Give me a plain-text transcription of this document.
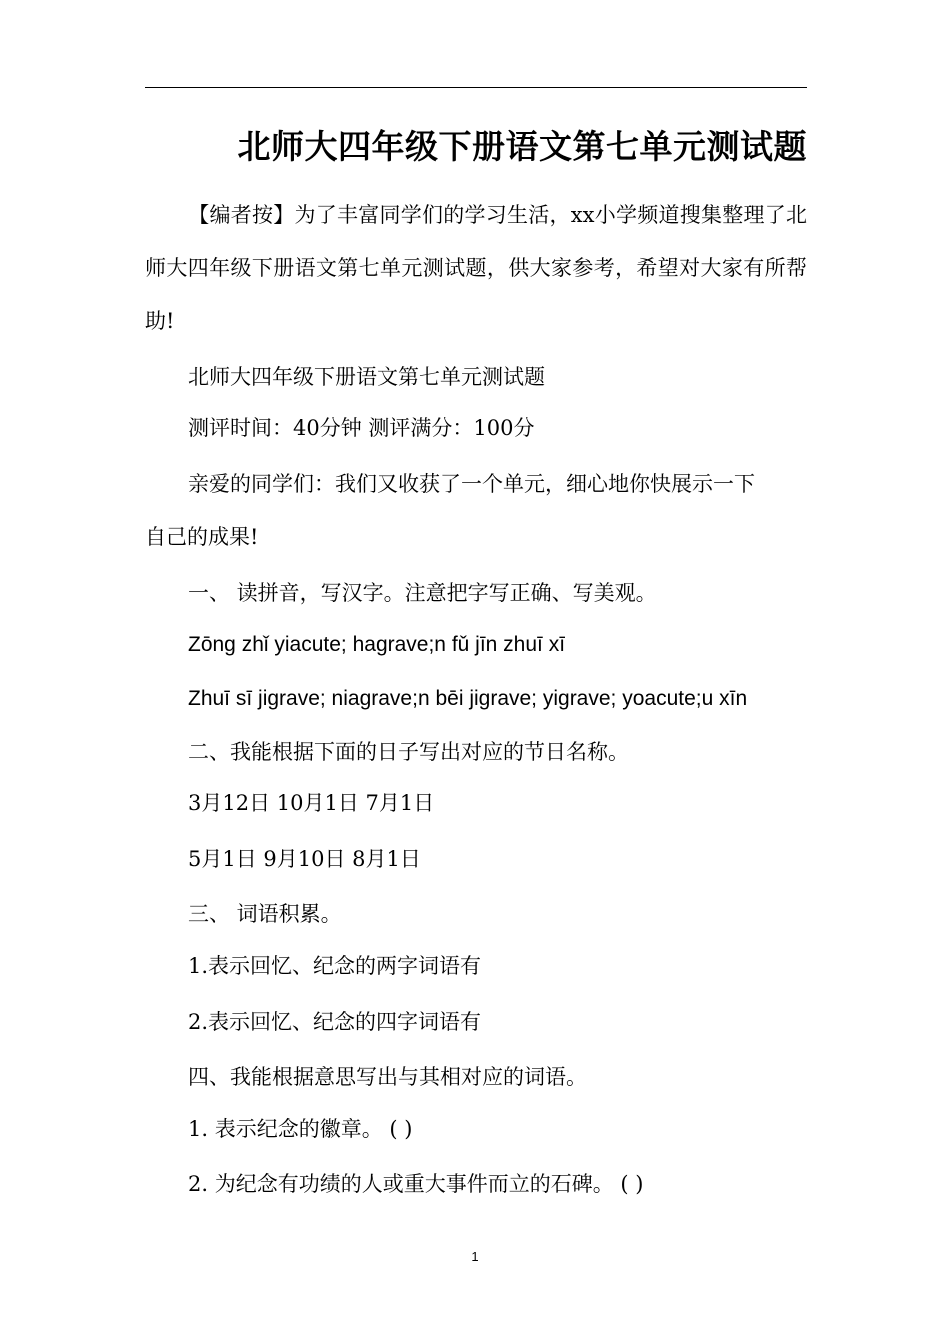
北师大四年级下册语文第七单元测试题
【编者按】为了丰富同学们的学习生活，xx小学频道搜集整理了北师大四年级下册语文第七单元测试题，供大家参考，希望对大家有所帮助!
北师大四年级下册语文第七单元测试题
测评时间：40分钟 测评满分：100分
亲爱的同学们：我们又收获了一个单元，细心地你快展示一下
自己的成果!
一、 读拼音，写汉字。注意把字写正确、写美观。
Zōng zhǐ yiacute; hagrave;n fǔ jīn zhuī xī
Zhuī sī jigrave; niagrave;n bēi jigrave; yigrave; yoacute;u xīn
二、我能根据下面的日子写出对应的节日名称。
3月12日 10月1日 7月1日
5月1日 9月10日 8月1日
三、 词语积累。
1.表示回忆、纪念的两字词语有
2.表示回忆、纪念的四字词语有
四、我能根据意思写出与其相对应的词语。
1. 表示纪念的徽章。 ( )
2. 为纪念有功绩的人或重大事件而立的石碑。 ( )
1
